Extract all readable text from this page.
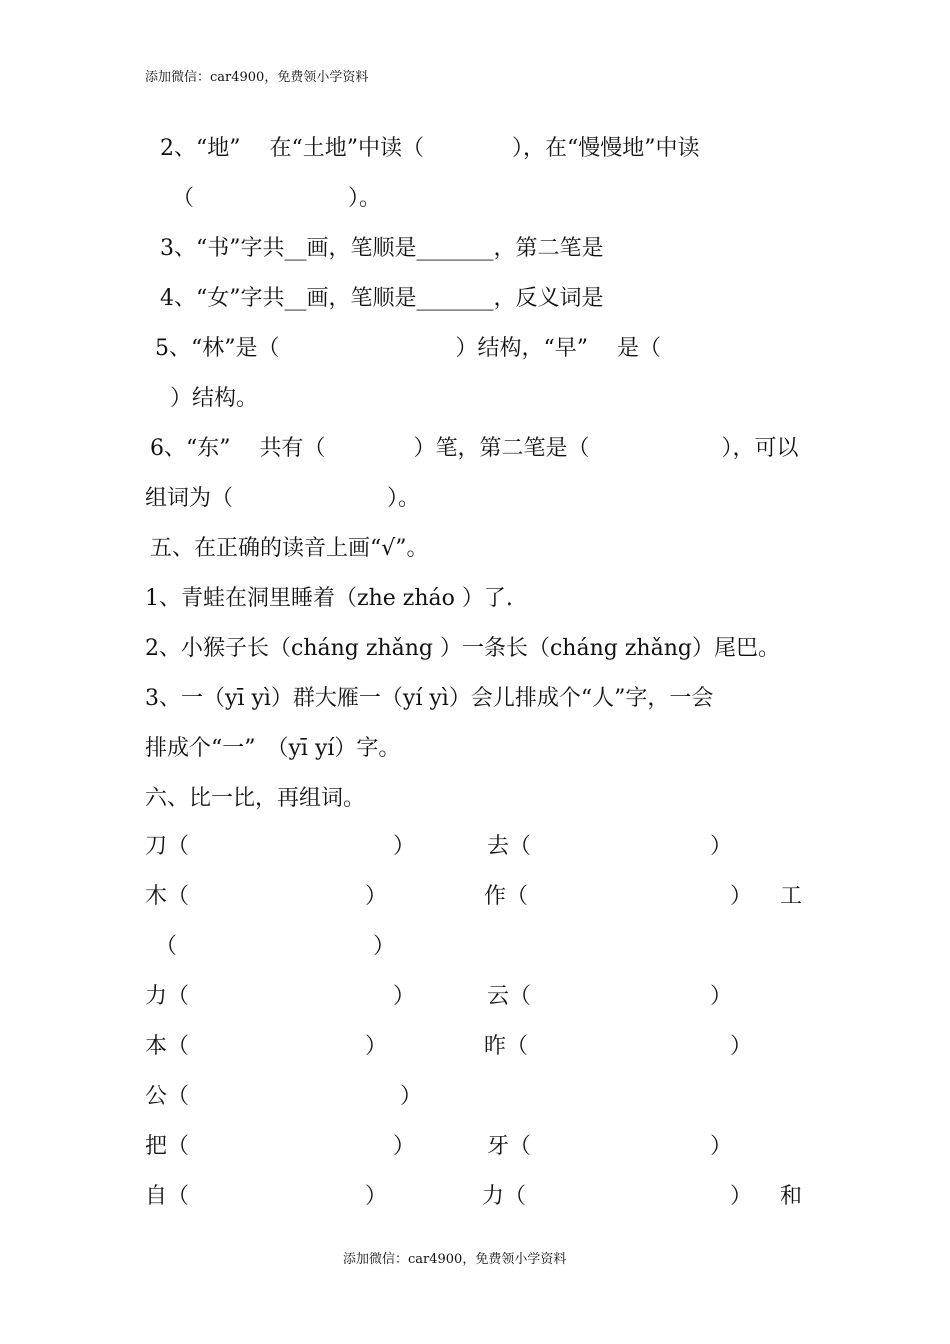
添加微信：car4900，免费领小学资料
2、“地”　 在“土地”中读（　　　　），在“慢慢地”中读
（　　　　　　　）。
3、“书”字共__画，笔顺是_______，第二笔是
4、“女”字共__画，笔顺是_______，反义词是
5、“林”是（　　　　　　　　）结构，“早”　 是（
）结构。
6、“东”　 共有（　　　　）笔，第二笔是（　　　　　　），可以
组词为（　　　　　　　）。
五、在正确的读音上画“√”。
1、青蛙在洞里睡着（zhe zháo ）了.
2、小猴子长（cháng zhǎng ）一条长（cháng zhǎng）尾巴。
3、一（yī yì）群大雁一（yí yì）会儿排成个“人”字，一会
排成个“一”　（yī yí）字。
六、比一比，再组词。
刀（	）	去（	）
木（	）	作（	） 工
（	）
力（	）	云（	）
本（	）	昨（	）
公（	）
把（	）	牙（	）
自（	）	力（	） 和
添加微信：car4900，免费领小学资料
